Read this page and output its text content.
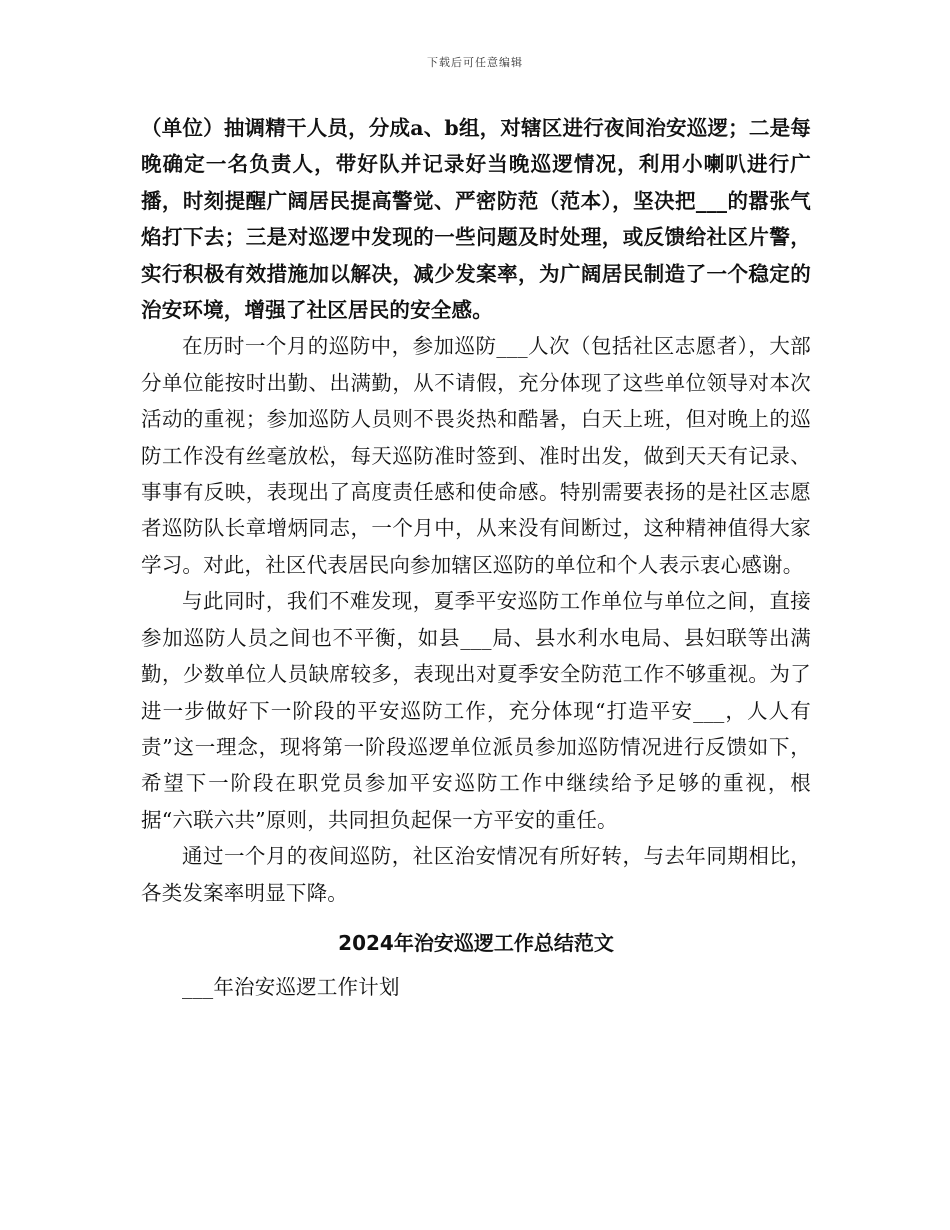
下载后可任意编辑

（单位）抽调精干人员，分成a、b组，对辖区进行夜间治安巡逻；二是每晚确定一名负责人，带好队并记录好当晚巡逻情况，利用小喇叭进行广播，时刻提醒广阔居民提高警觉、严密防范（范本），坚决把___的嚣张气焰打下去；三是对巡逻中发现的一些问题及时处理，或反馈给社区片警，实行积极有效措施加以解决，减少发案率，为广阔居民制造了一个稳定的治安环境，增强了社区居民的安全感。

在历时一个月的巡防中，参加巡防___人次（包括社区志愿者），大部分单位能按时出勤、出满勤，从不请假，充分体现了这些单位领导对本次活动的重视；参加巡防人员则不畏炎热和酷暑，白天上班，但对晚上的巡防工作没有丝毫放松，每天巡防准时签到、准时出发，做到天天有记录、事事有反映，表现出了高度责任感和使命感。特别需要表扬的是社区志愿者巡防队长章增炳同志，一个月中，从来没有间断过，这种精神值得大家学习。对此，社区代表居民向参加辖区巡防的单位和个人表示衷心感谢。

与此同时，我们不难发现，夏季平安巡防工作单位与单位之间，直接参加巡防人员之间也不平衡，如县___局、县水利水电局、县妇联等出满勤，少数单位人员缺席较多，表现出对夏季安全防范工作不够重视。为了进一步做好下一阶段的平安巡防工作，充分体现“打造平安___，人人有责”这一理念，现将第一阶段巡逻单位派员参加巡防情况进行反馈如下，希望下一阶段在职党员参加平安巡防工作中继续给予足够的重视，根据“六联六共”原则，共同担负起保一方平安的重任。

通过一个月的夜间巡防，社区治安情况有所好转，与去年同期相比，各类发案率明显下降。

2024年治安巡逻工作总结范文

___年治安巡逻工作计划
